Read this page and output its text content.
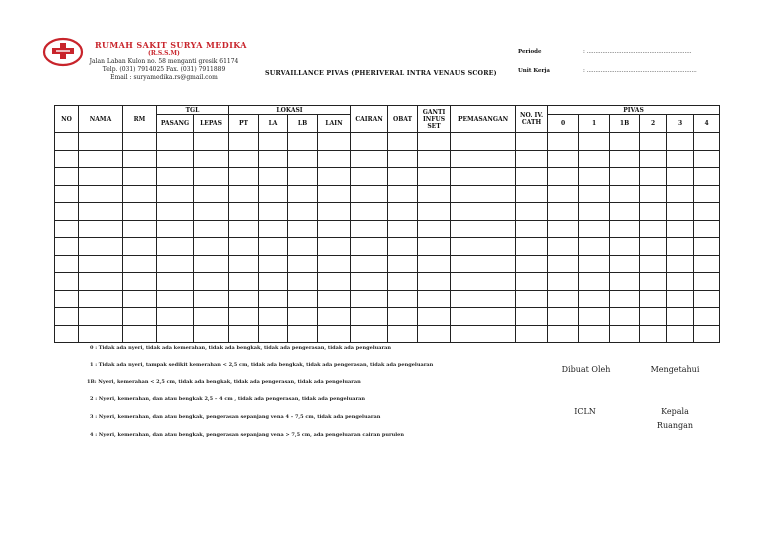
RUMAH SAKIT SURYA MEDIKA
(R.S.S.M)
Jalan Laban Kulon no. 58 menganti gresik 61174
Telp. (031) 7914025 Fax. (031) 7911889
Email : suryamedika.rs@gmail.com
SURVAILLANCE PIVAS (PHERIVERAL INTRA VENAUS SCORE)
Periode	: ............................................................
Unit Kerja	: ...............................................................
NO	NAMA	RM	TGL		LOKASI				CAIRAN	OBAT	GANTI INFUS SET	PEMASANGAN	NO. IV. CATH	PIVAS					
			PASANG	LEPAS	PT	LA	LB	LAIN						0	1	1B	2	3	4

0 : Tidak ada nyeri, tidak ada kemerahan, tidak ada bengkak, tidak ada pengerasan, tidak ada pengeluaran
1 : Tidak ada nyeri, tampak sedikit kemerahan < 2,5 cm, tidak ada bengkak, tidak ada pengerasan, tidak ada pengeluaran
1B: Nyeri, kemerahan < 2,5 cm, tidak ada bengkak, tidak ada pengerasan, tidak ada pengeluaran
2 : Nyeri, kemerahan, dan atau bengkak 2,5 – 4 cm , tidak ada pengerasan, tidak ada pengeluaran
3 : Nyeri, kemerahan, dan atau bengkak, pengerasan sepanjang vena 4 – 7,5 cm, tidak ada pengeluaran
4 : Nyeri, kemerahan, dan atau bengkak, pengerasan sepanjang vena > 7,5 cm, ada pengeluaran cairan purulen
Dibuat Oleh	Mengetahui
ICLN	Kepala
Ruangan
